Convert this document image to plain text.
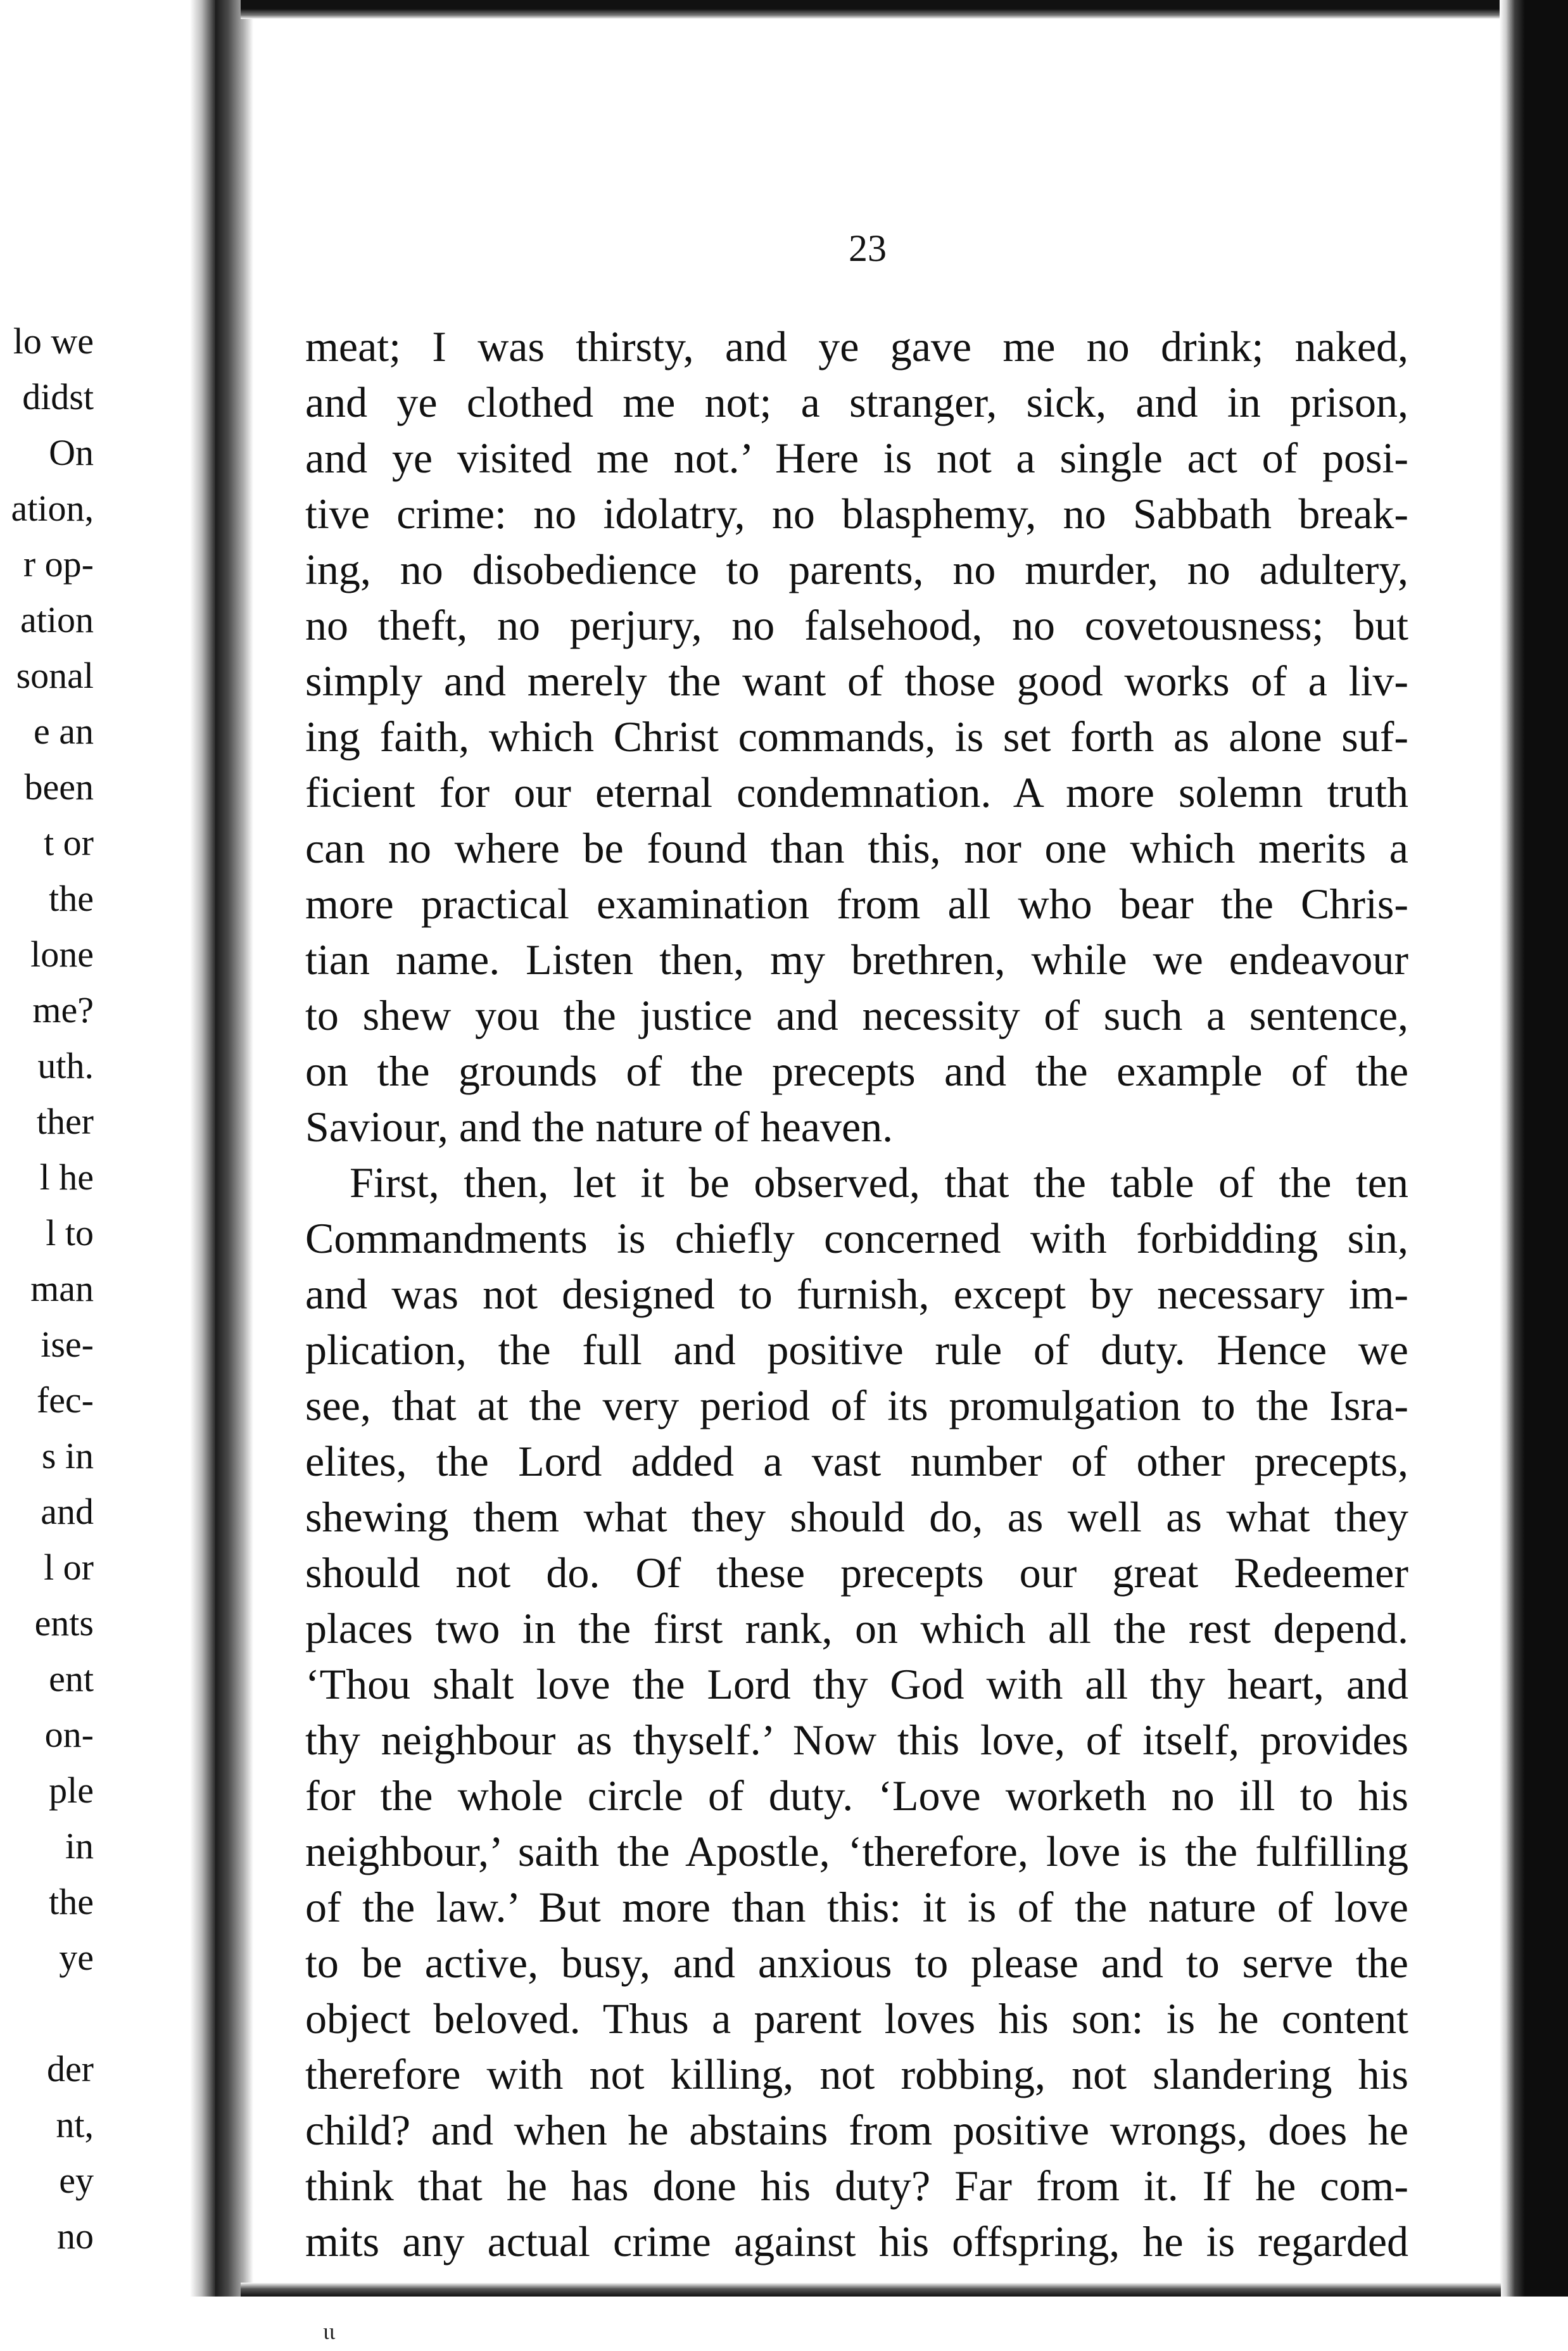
lo we
didst
On
ation,
r op-
ation
sonal
e an
been
t or
the
lone
me?
uth.
ther
l he
l to
man
ise-
fec-
s in
and
l or
ents
ent
on-
ple
in
the
ye
der
nt,
ey
no
23
meat; I was thirsty, and ye gave me no drink; naked,
and ye clothed me not; a stranger, sick, and in prison,
and ye visited me not.’ Here is not a single act of posi-
tive crime: no idolatry, no blasphemy, no Sabbath break-
ing, no disobedience to parents, no murder, no adultery,
no theft, no perjury, no falsehood, no covetousness; but
simply and merely the want of those good works of a liv-
ing faith, which Christ commands, is set forth as alone suf-
ficient for our eternal condemnation. A more solemn truth
can no where be found than this, nor one which merits a
more practical examination from all who bear the Chris-
tian name. Listen then, my brethren, while we endeavour
to shew you the justice and necessity of such a sentence,
on the grounds of the precepts and the example of the
Saviour, and the nature of heaven.
First, then, let it be observed, that the table of the ten
Commandments is chiefly concerned with forbidding sin,
and was not designed to furnish, except by necessary im-
plication, the full and positive rule of duty. Hence we
see, that at the very period of its promulgation to the Isra-
elites, the Lord added a vast number of other precepts,
shewing them what they should do, as well as what they
should not do. Of these precepts our great Redeemer
places two in the first rank, on which all the rest depend.
‘Thou shalt love the Lord thy God with all thy heart, and
thy neighbour as thyself.’ Now this love, of itself, provides
for the whole circle of duty. ‘Love worketh no ill to his
neighbour,’ saith the Apostle, ‘therefore, love is the fulfilling
of the law.’ But more than this: it is of the nature of love
to be active, busy, and anxious to please and to serve the
object beloved. Thus a parent loves his son: is he content
therefore with not killing, not robbing, not slandering his
child? and when he abstains from positive wrongs, does he
think that he has done his duty? Far from it. If he com-
mits any actual crime against his offspring, he is regarded
ɩɩ
